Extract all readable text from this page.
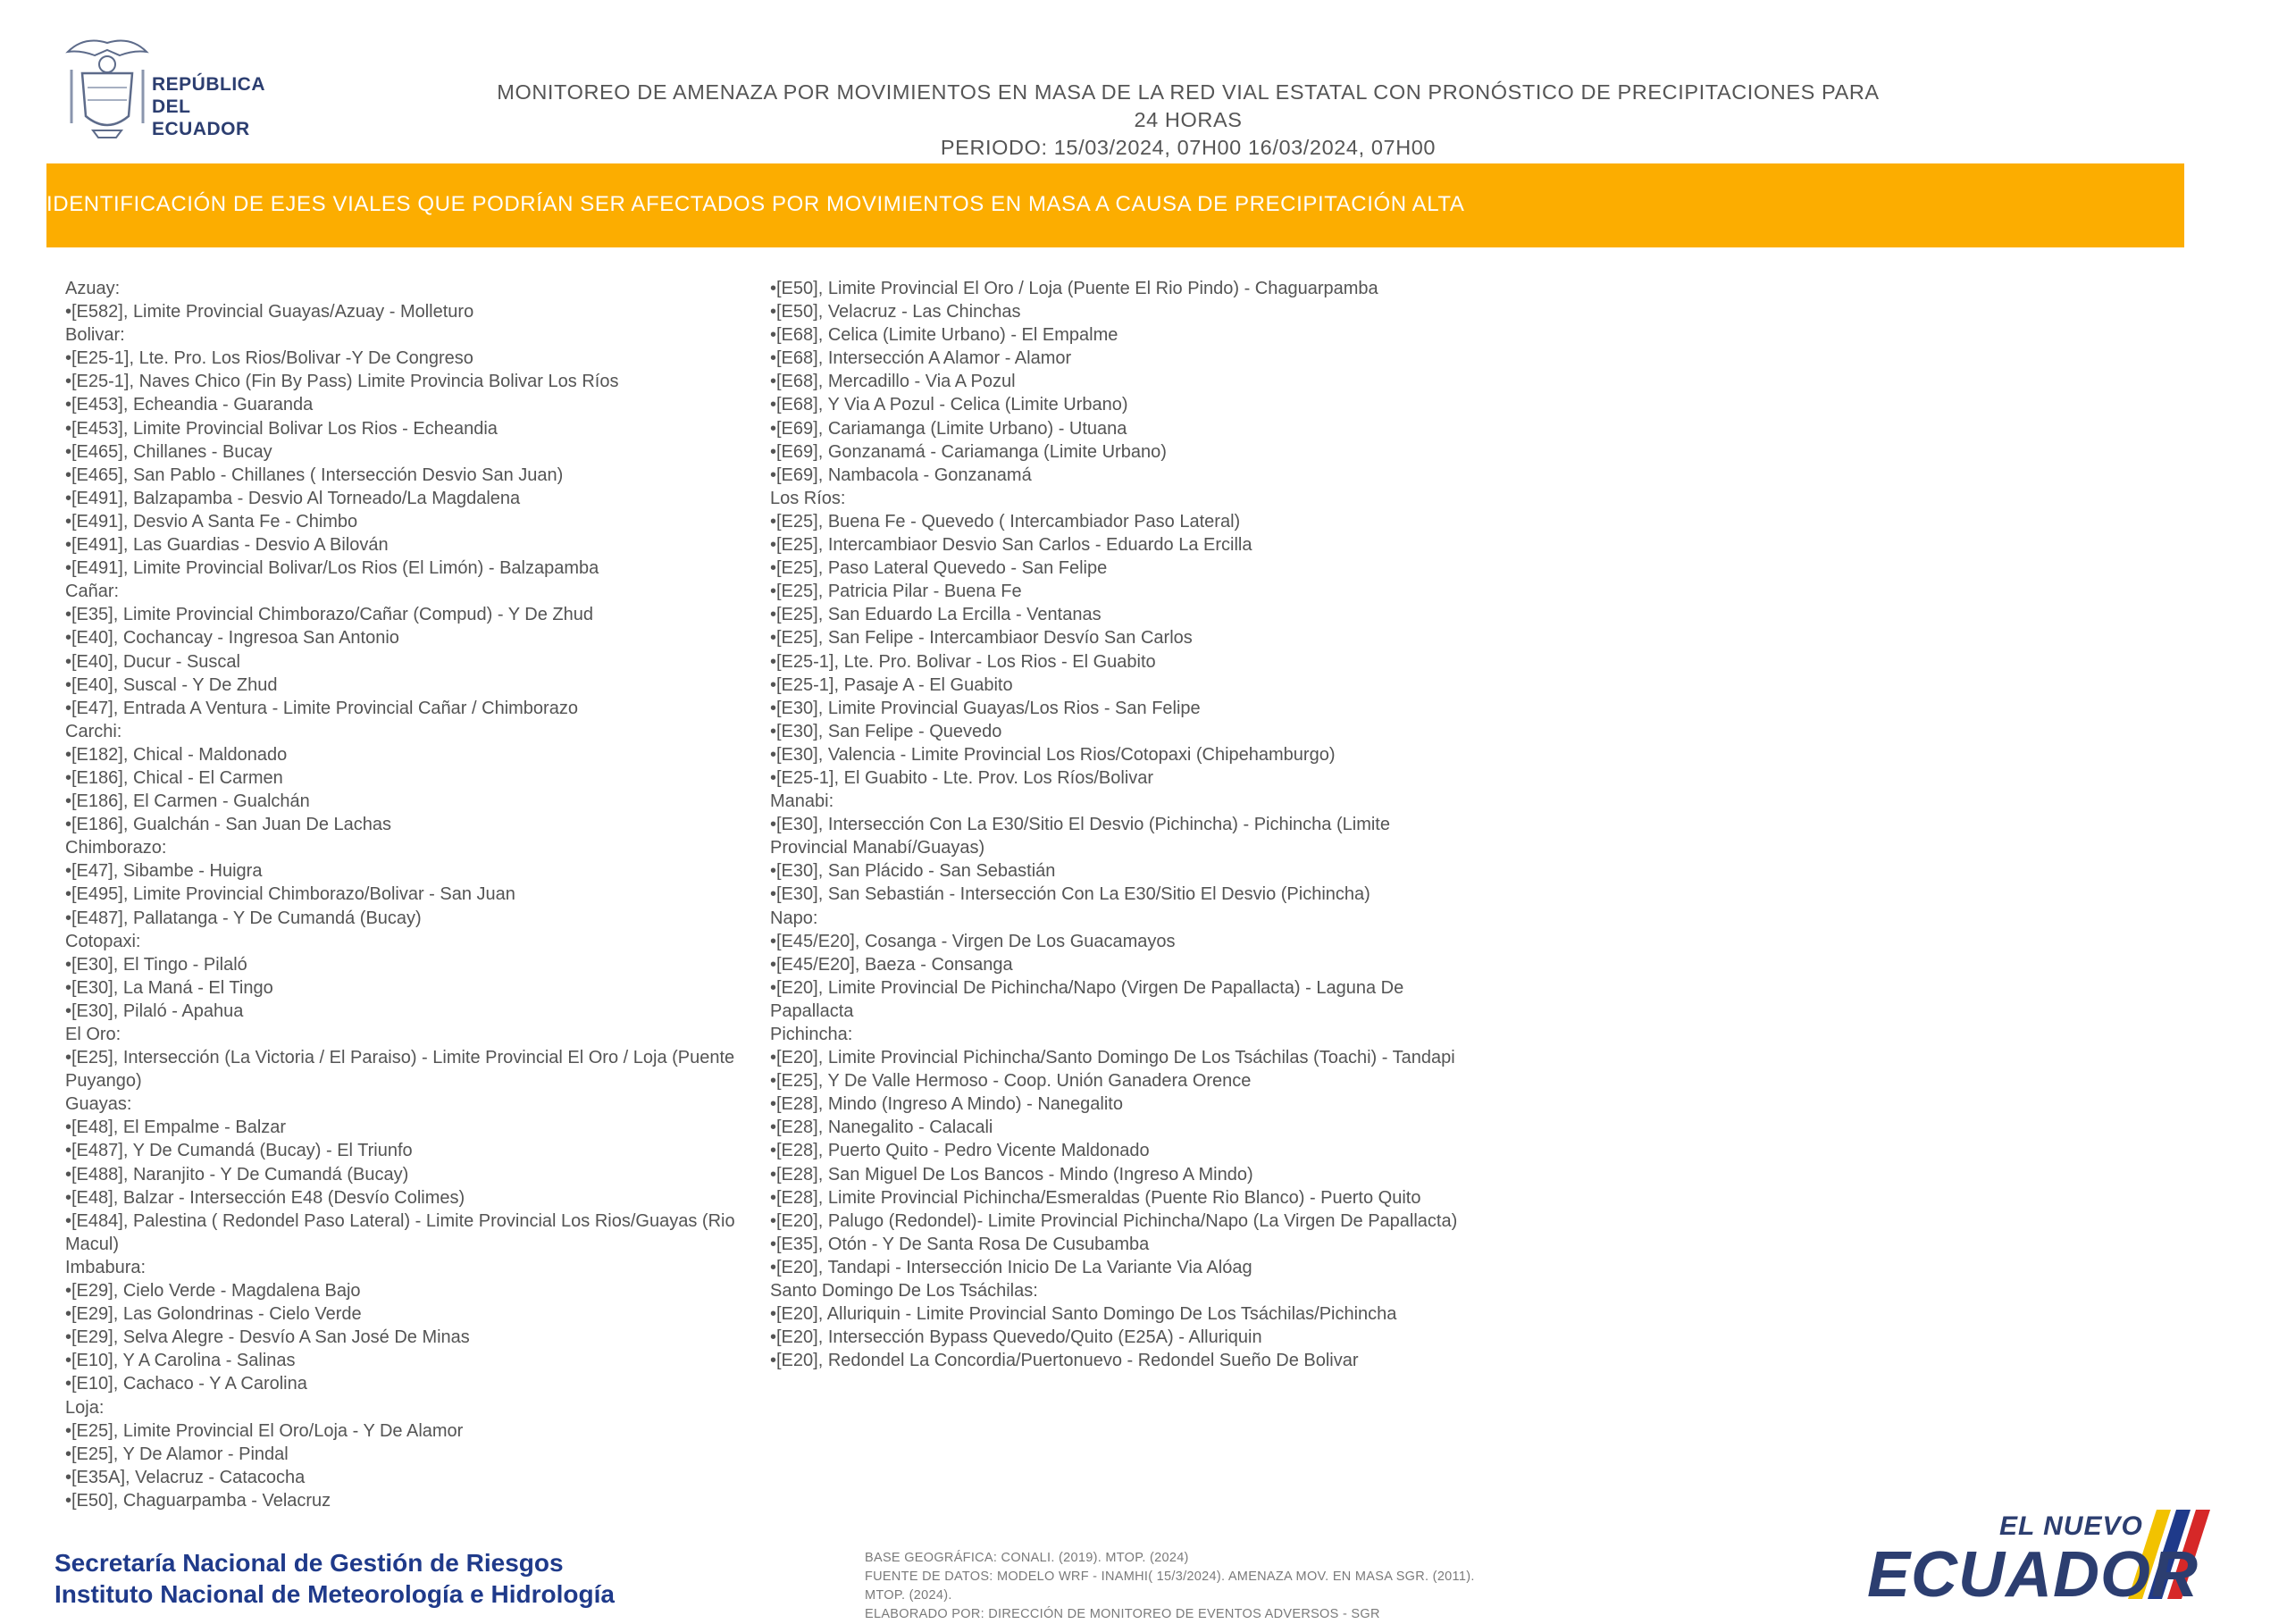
REPÚBLICA
DEL ECUADOR
MONITOREO DE AMENAZA POR MOVIMIENTOS EN MASA DE LA RED VIAL ESTATAL CON PRONÓSTICO DE PRECIPITACIONES PARA 24 HORAS
PERIODO: 15/03/2024, 07H00 16/03/2024, 07H00
IDENTIFICACIÓN DE EJES VIALES QUE PODRÍAN SER AFECTADOS POR MOVIMIENTOS EN MASA A CAUSA DE PRECIPITACIÓN ALTA
Azuay:
•[E582], Limite Provincial Guayas/Azuay - Molleturo
Bolivar:
•[E25-1], Lte. Pro. Los Rios/Bolivar -Y De Congreso
•[E25-1], Naves Chico (Fin By Pass) Limite Provincia Bolivar Los Ríos
•[E453], Echeandia - Guaranda
•[E453], Limite Provincial Bolivar Los Rios - Echeandia
•[E465], Chillanes - Bucay
•[E465], San Pablo - Chillanes ( Intersección Desvio San Juan)
•[E491], Balzapamba - Desvio Al Torneado/La Magdalena
•[E491], Desvio A Santa Fe - Chimbo
•[E491], Las Guardias - Desvio A Bilován
•[E491], Limite Provincial Bolivar/Los Rios (El Limón) - Balzapamba
Cañar:
•[E35], Limite Provincial Chimborazo/Cañar (Compud) - Y De Zhud
•[E40], Cochancay - Ingresoa San Antonio
•[E40], Ducur - Suscal
•[E40], Suscal - Y De Zhud
•[E47], Entrada A Ventura - Limite Provincial Cañar / Chimborazo
Carchi:
•[E182], Chical - Maldonado
•[E186], Chical - El Carmen
•[E186], El Carmen - Gualchán
•[E186], Gualchán - San Juan De Lachas
Chimborazo:
•[E47], Sibambe - Huigra
•[E495], Limite Provincial Chimborazo/Bolivar - San Juan
•[E487], Pallatanga - Y De Cumandá (Bucay)
Cotopaxi:
•[E30], El Tingo - Pilaló
•[E30], La Maná - El Tingo
•[E30], Pilaló - Apahua
El Oro:
•[E25], Intersección (La Victoria / El Paraiso) - Limite Provincial El Oro / Loja (Puente Puyango)
Guayas:
•[E48], El Empalme - Balzar
•[E487], Y De Cumandá (Bucay) - El Triunfo
•[E488], Naranjito - Y De Cumandá (Bucay)
•[E48], Balzar - Intersección E48 (Desvío Colimes)
•[E484], Palestina ( Redondel Paso Lateral) - Limite Provincial Los Rios/Guayas (Rio Macul)
Imbabura:
•[E29], Cielo Verde - Magdalena Bajo
•[E29], Las Golondrinas - Cielo Verde
•[E29], Selva Alegre - Desvío A San José De Minas
•[E10], Y A Carolina - Salinas
•[E10], Cachaco - Y A Carolina
Loja:
•[E25], Limite Provincial El Oro/Loja - Y De Alamor
•[E25], Y De Alamor - Pindal
•[E35A], Velacruz - Catacocha
•[E50], Chaguarpamba - Velacruz
•[E50], Limite Provincial El Oro / Loja (Puente El Rio Pindo) - Chaguarpamba
•[E50], Velacruz - Las Chinchas
•[E68], Celica (Limite Urbano) - El Empalme
•[E68], Intersección A Alamor - Alamor
•[E68], Mercadillo - Via A Pozul
•[E68], Y Via A Pozul - Celica (Limite Urbano)
•[E69], Cariamanga (Limite Urbano) - Utuana
•[E69], Gonzanamá - Cariamanga (Limite Urbano)
•[E69], Nambacola - Gonzanamá
Los Ríos:
•[E25], Buena Fe - Quevedo ( Intercambiador Paso Lateral)
•[E25], Intercambiaor Desvio San Carlos - Eduardo La Ercilla
•[E25], Paso Lateral Quevedo - San Felipe
•[E25], Patricia Pilar - Buena Fe
•[E25], San Eduardo La Ercilla - Ventanas
•[E25], San Felipe - Intercambiaor Desvío San Carlos
•[E25-1], Lte. Pro. Bolivar - Los Rios - El Guabito
•[E25-1], Pasaje A - El Guabito
•[E30], Limite Provincial Guayas/Los Rios - San Felipe
•[E30], San Felipe - Quevedo
•[E30], Valencia - Limite Provincial Los Rios/Cotopaxi (Chipehamburgo)
•[E25-1], El Guabito - Lte. Prov. Los Ríos/Bolivar
Manabi:
•[E30], Intersección Con La E30/Sitio El Desvio (Pichincha) - Pichincha (Limite Provincial Manabí/Guayas)
•[E30], San Plácido - San Sebastián
•[E30], San Sebastián - Intersección Con La E30/Sitio El Desvio (Pichincha)
Napo:
•[E45/E20], Cosanga - Virgen De Los Guacamayos
•[E45/E20], Baeza - Consanga
•[E20], Limite Provincial De Pichincha/Napo (Virgen De Papallacta) - Laguna De Papallacta
Pichincha:
•[E20], Limite Provincial Pichincha/Santo Domingo De Los Tsáchilas (Toachi) - Tandapi
•[E25], Y De Valle Hermoso - Coop. Unión Ganadera Orence
•[E28], Mindo (Ingreso A Mindo) - Nanegalito
•[E28], Nanegalito - Calacali
•[E28], Puerto Quito - Pedro Vicente Maldonado
•[E28], San Miguel De Los Bancos - Mindo (Ingreso A Mindo)
•[E28], Limite Provincial Pichincha/Esmeraldas (Puente Rio Blanco) - Puerto Quito
•[E20], Palugo (Redondel)- Limite Provincial Pichincha/Napo (La Virgen De Papallacta)
•[E35], Otón - Y De Santa Rosa De Cusubamba
•[E20], Tandapi - Intersección Inicio De La Variante Via Alóag
Santo Domingo De Los Tsáchilas:
•[E20], Alluriquin - Limite Provincial Santo Domingo De Los Tsáchilas/Pichincha
•[E20], Intersección Bypass Quevedo/Quito (E25A) - Alluriquin
•[E20], Redondel La Concordia/Puertonuevo - Redondel Sueño De Bolivar
Secretaría Nacional de Gestión de Riesgos
Instituto Nacional de Meteorología e Hidrología
BASE GEOGRÁFICA: CONALI. (2019). MTOP. (2024)
FUENTE DE DATOS: MODELO WRF - INAMHI( 15/3/2024). AMENAZA MOV. EN MASA SGR. (2011). MTOP. (2024).
ELABORADO POR: DIRECCIÓN DE MONITOREO DE EVENTOS ADVERSOS - SGR
EL NUEVO
ECUADOR
